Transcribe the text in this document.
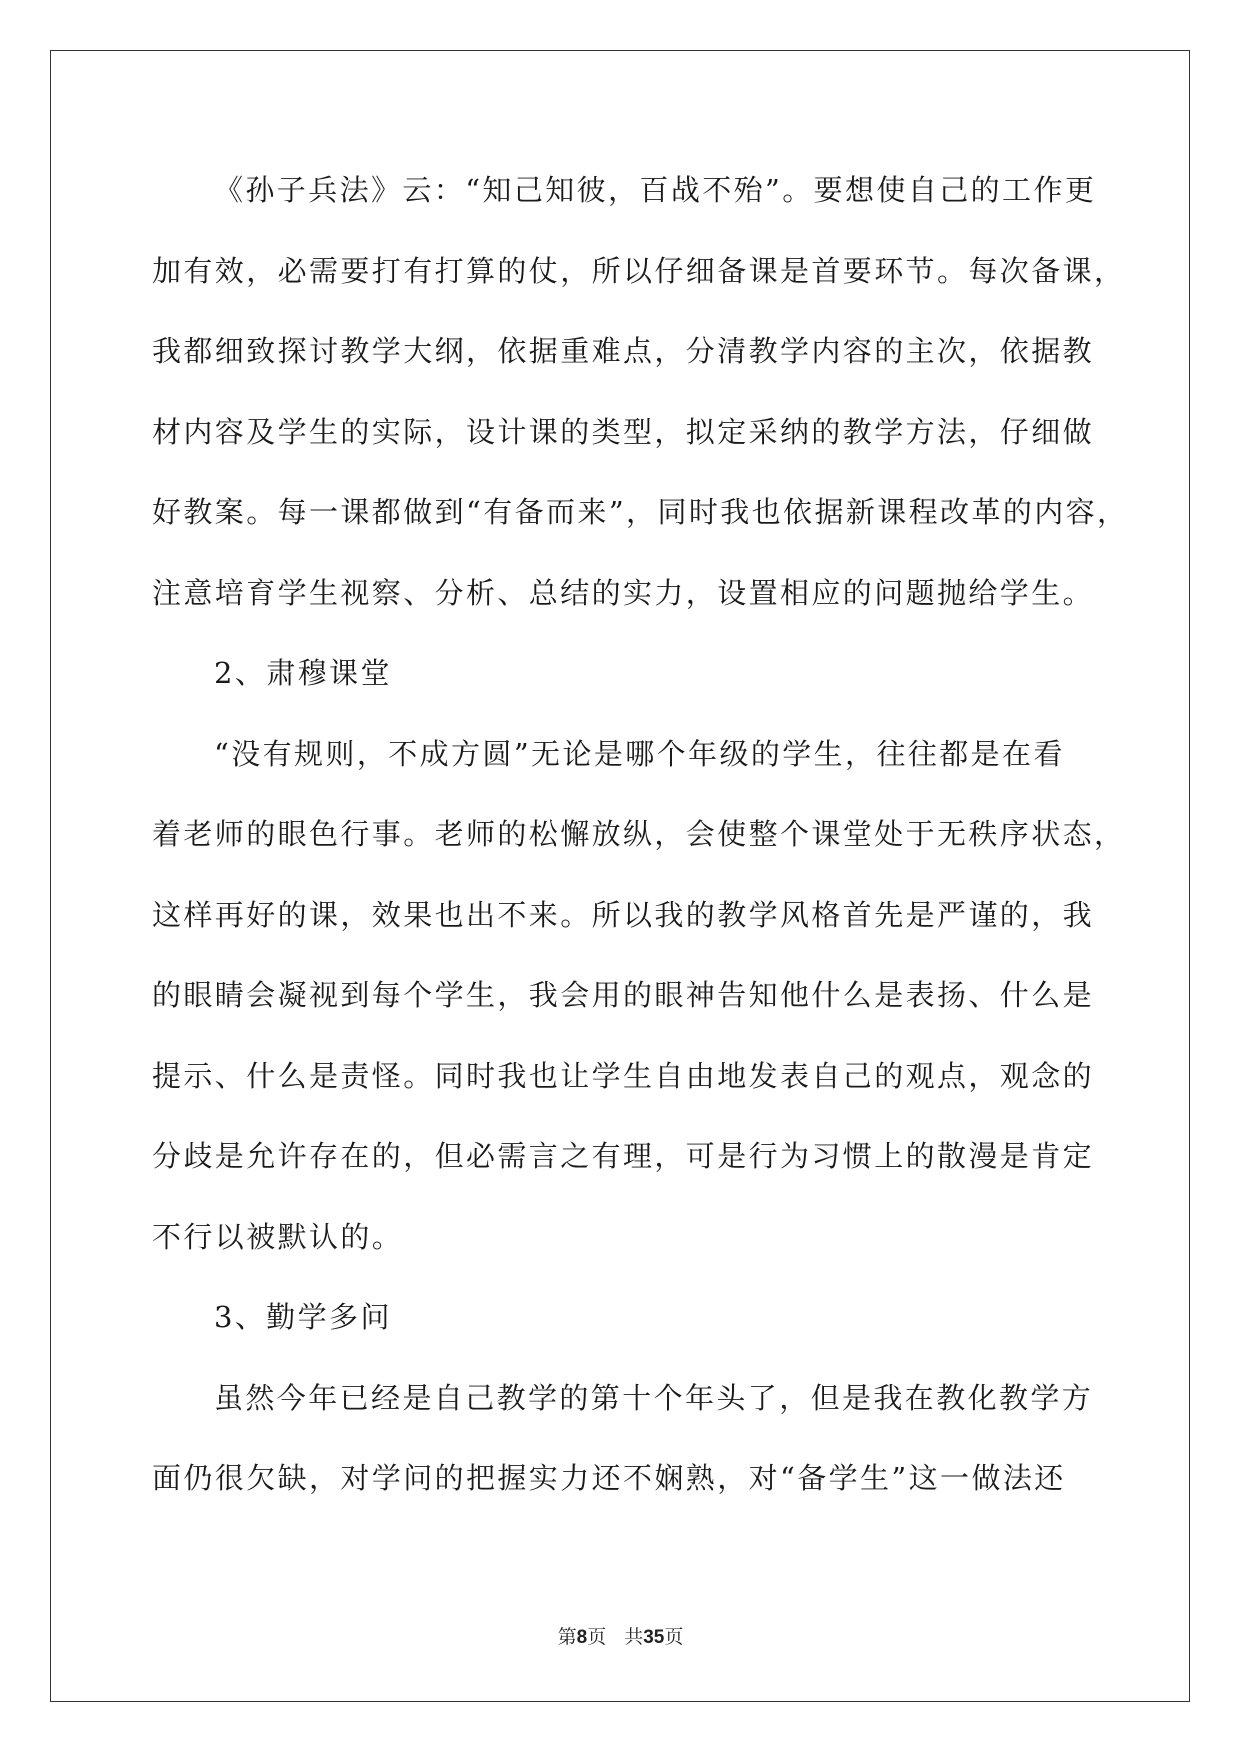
《孙子兵法》云：“知己知彼，百战不殆”。要想使自己的工作更
加有效，必需要打有打算的仗，所以仔细备课是首要环节。每次备课，
我都细致探讨教学大纲，依据重难点，分清教学内容的主次，依据教
材内容及学生的实际，设计课的类型，拟定采纳的教学方法，仔细做
好教案。每一课都做到“有备而来”，同时我也依据新课程改革的内容，
注意培育学生视察、分析、总结的实力，设置相应的问题抛给学生。
2、肃穆课堂
“没有规则，不成方圆”无论是哪个年级的学生，往往都是在看
着老师的眼色行事。老师的松懈放纵，会使整个课堂处于无秩序状态，
这样再好的课，效果也出不来。所以我的教学风格首先是严谨的，我
的眼睛会凝视到每个学生，我会用的眼神告知他什么是表扬、什么是
提示、什么是责怪。同时我也让学生自由地发表自己的观点，观念的
分歧是允许存在的，但必需言之有理，可是行为习惯上的散漫是肯定
不行以被默认的。
3、勤学多问
虽然今年已经是自己教学的第十个年头了，但是我在教化教学方
面仍很欠缺，对学问的把握实力还不娴熟，对“备学生”这一做法还
第8页 共35页
